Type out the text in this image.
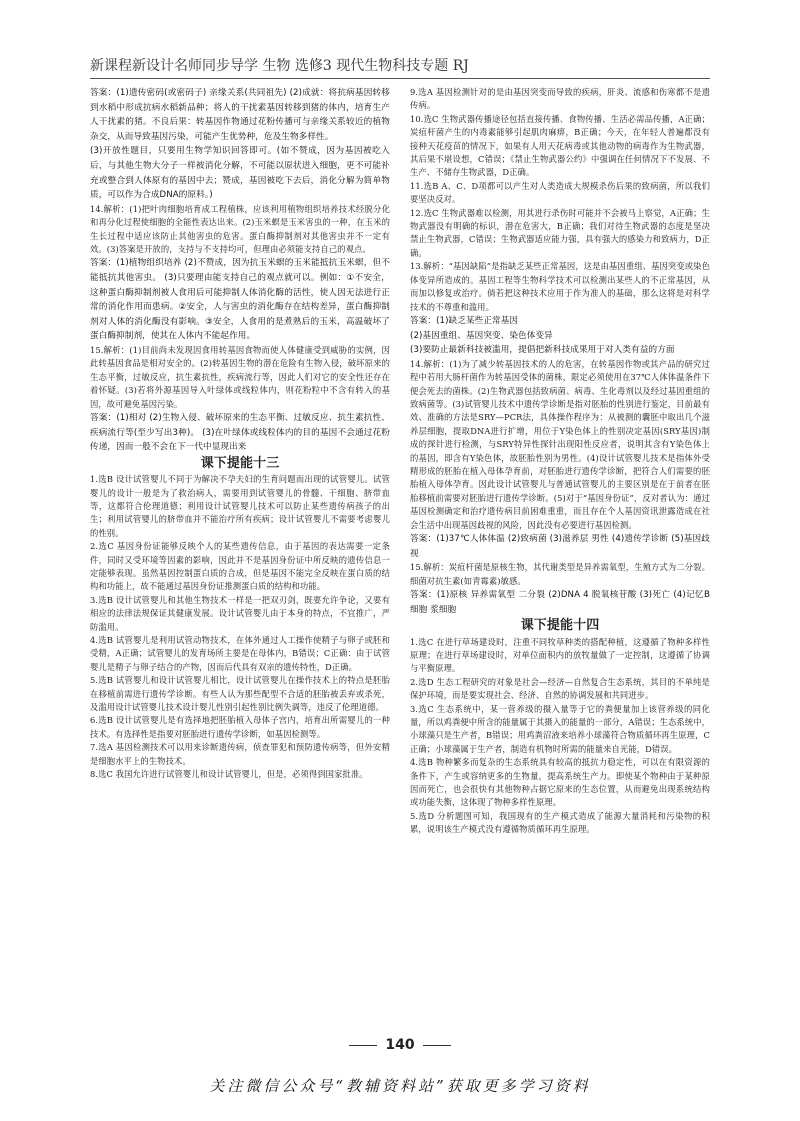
新课程新设计名师同步导学 生物 选修3 现代生物科技专题 RJ

答案：(1)遗传密码(或密码子) 亲缘关系(共同祖先) (2)成就：将抗病基因转移到水稻中形成抗病水稻新品种；将人的干扰素基因转移到猪的体内，培育生产人干扰素的猪。不良后果：转基因作物通过花粉传播可与亲缘关系较近的植物杂交，从而导致基因污染，可能产生优势种，危及生物多样性。

(3)开放性题目，只要用生物学知识回答即可。(如不赞成，因为基因被吃入后，与其他生物大分子一样被消化分解，不可能以原状进入细胞，更不可能补充或整合到人体原有的基因中去；赞成，基因被吃下去后，消化分解为简单物质，可以作为合成DNA的原料。)

14.解析：(1)把叶肉细胞培育成工程植株，应该利用植物组织培养技术经脱分化和再分化过程使细胞的全能性表达出来。(2)玉米螟是玉米害虫的一种，在玉米的生长过程中适应该防止其他害虫的危害。蛋白酶抑制剂对其他害虫并不一定有效。(3)答案是开放的，支持与不支持均可，但理由必须能支持自己的观点。

答案：(1)植物组织培养 (2)不赞成，因为抗玉米螟的玉米能抵抗玉米螟，但不能抵抗其他害虫。 (3)只要理由能支持自己的观点就可以。例如：①不安全，这种蛋白酶抑制剂被人食用后可能抑制人体消化酶的活性，使人因无法进行正常的消化作用而患病。②安全，人与害虫的消化酶存在结构差异，蛋白酶抑制剂对人体的消化酶没有影响。③安全，人食用的是煮熟后的玉米，高温破坏了蛋白酶抑制剂，使其在人体内不能起作用。

15.解析：(1)目前尚未发现因食用转基因食物而使人体健康受到威胁的实例，因此转基因食品是相对安全的。(2)转基因生物的潜在危险有生物入侵，破坏原来的生态平衡，过敏反应，抗生素抗性，疾病流行等，因此人们对它的安全性还存在着怀疑。(3)若将外源基因导入叶绿体或线粒体内，则花粉粒中不含有转入的基因，故可避免基因污染。

答案：(1)相对 (2)生物入侵、破坏原来的生态平衡、过敏反应、抗生素抗性、疾病流行等(至少写出3种)。 (3)在叶绿体或线粒体内的目的基因不会通过花粉传递，因而一般不会在下一代中显现出来

课下提能十三

1.选B 设计试管婴儿不同于为解决不孕夫妇的生育问题而出现的试管婴儿。试管婴儿的设计一般是为了救治病人，需要用到试管婴儿的骨髓、干细胞、脐带血等，这都符合伦理道德；利用设计试管婴儿技术可以防止某些遗传病孩子的出生；利用试管婴儿的脐带血并不能治疗所有疾病；设计试管婴儿不需要考虑婴儿的性别。

2.选C 基因身份证能够反映个人的某些遗传信息，由于基因的表达需要一定条件，同时又受环境等因素的影响，因此并不是基因身份证中所反映的遗传信息一定能够表现。虽然基因控制蛋白质的合成，但是基因不能完全反映在蛋白质的结构和功能上，故不能通过基因身份证推测蛋白质的结构和功能。

3.选B 设计试管婴儿和其他生物技术一样是一把双刃剑，既要允许争论，又要有相应的法律法规保证其健康发展。设计试管婴儿由于本身的特点，不宜推广，严防滥用。

4.选B 试管婴儿是利用试管动物技术，在体外通过人工操作使精子与卵子或胚和受精，A正确；试管婴儿的发育场所主要是在母体内，B错误；C正确：由于试管婴儿是精子与卵子结合的产物，因而后代具有双亲的遗传特性，D正确。

5.选B 试管婴儿和设计试管婴儿相比，设计试管婴儿在操作技术上的特点是胚胎在移植前需进行遗传学诊断。有些人认为那些配型不合适的胚胎被丢弃或杀死，及滥用设计试管婴儿技术设计婴儿性别引起性别比例失调等，违反了伦理道德。

6.选B 设计试管婴儿是有选择地把胚胎植入母体子宫内，培育出所需婴儿的一种技术。有选择性是指要对胚胎进行遗传学诊断，如基因检测等。

7.选A 基因检测技术可以用来诊断遗传病，侦查罪犯和预防遗传病等，但外安精是细胞水平上的生物技术。

8.选C 我国允许进行试管婴儿和设计试管婴儿，但是，必须得到国家批准。

9.选A 基因检测针对的是由基因突变而导致的疾病，肝炎、流感和伤寒都不是遗传病。

10.选C 生物武器传播途径包括直接传播、食物传播、生活必需品传播，A正确；炭疽杆菌产生的内毒素能够引起肌肉麻痹，B正确；今天，在年轻人普遍都没有接种天花疫苗的情况下，如果有人用天花病毒或其他动物的病毒作为生物武器，其后果不堪设想，C错误；《禁止生物武器公约》中强调在任何情况下不发展、不生产、不储存生物武器，D正确。

11.选B A、C、D项都可以产生对人类造成大规模杀伤后果的致病菌，所以我们要坚决反对。

12.选C 生物武器难以检测，用其进行杀伤时可能并不会被马上察觉，A正确；生物武器没有明确的标识，潜在危害大，B正确；我们对待生物武器的态度是坚决禁止生物武器，C错误；生物武器适应能力强，具有强大的感染力和致病力，D正确。

13.解析：“基因缺陷”是指缺乏某些正常基因，这是由基因重组、基因突变或染色体变异所造成的。基因工程等生物科学技术可以检测出某些人的不正常基因，从而加以修复或治疗。倘若把这种技术应用于作为准人的基础，那么这将是对科学技术的不尊重和滥用。

答案：(1)缺乏某些正常基因
(2)基因重组、基因突变、染色体变异
(3)要防止最新科技被滥用，提倡把新科技成果用于对人类有益的方面

14.解析：(1)为了减少转基因技术的人的危害，在转基因作物或其产品的研究过程中若用大肠杆菌作为转基因受体的菌株，限定必须使用在37℃人体体温条件下便会死去的菌株。(2)生物武器包括致病菌、病毒、生化毒剂以及经过基因重组的致病菌等。(3)试管婴儿技术中遗传学诊断是指对胚胎的性别进行鉴定，目前最有效、准确的方法是SRY—PCR法，具体操作程序为：从被测的囊胚中取出几个滋养层细胞，提取DNA进行扩增，用位于Y染色体上的性别决定基因(SRY基因)制成的探针进行检测，与SRY特异性探针出现阳性反应者，说明其含有Y染色体上的基因，即含有Y染色体，故胚胎性别为男性。(4)设计试管婴儿技术是指体外受精形成的胚胎在植入母体孕育前，对胚胎进行遗传学诊断，把符合人们需要的胚胎植入母体孕育。因此设计试管婴儿与普通试管婴儿的主要区别是在于前者在胚胎移植前需要对胚胎进行遗传学诊断。(5)对于“基因身份证”，反对者认为：通过基因检测确定和治疗遗传病目前困难重重，而且存在个人基因资讯泄露造成在社会生活中出现基因歧视的风险，因此没有必要进行基因检测。

答案：(1)37℃人体体温 (2)致病菌 (3)滋养层 男性 (4)遗传学诊断 (5)基因歧视

15.解析：炭疽杆菌是原核生物，其代谢类型是异养需氧型，生殖方式为二分裂。细菌对抗生素(如青霉素)敏感。

答案：(1)原核 异养需氧型 二分裂 (2)DNA 4 脱氧核苷酸 (3)死亡 (4)记忆B细胞 浆细胞

课下提能十四

1.选C 在进行草场建设时，注重不同牧草种类的搭配种植，这遵循了物种多样性原理；在进行草场建设时，对单位面积内的放牧量做了一定控制，这遵循了协调与平衡原理。

2.选D 生态工程研究的对象是社会—经济—自然复合生态系统，其目的不单纯是保护环境，而是要实现社会、经济、自然的协调发展和共同进步。

3.选C 生态系统中，某一营养级的摄入量等于它的粪便量加上该营养级的同化量，所以鸡粪便中所含的能量属于其摄入的能量的一部分，A错误；生态系统中，小球藻只是生产者，B错误；用鸡粪沼液来培养小球藻符合物质循环再生原理，C正确；小球藻属于生产者，制造有机物时所需的能量来自光能，D错误。

4.选B 物种繁多而复杂的生态系统具有较高的抵抗力稳定性，可以在有限资源的条件下，产生或容纳更多的生物量，提高系统生产力。即使某个物种由于某种原因而死亡，也会很快有其他物种占据它原来的生态位置，从而避免出现系统结构或功能失衡，这体现了物种多样性原理。

5.选D 分析题图可知，我国现有的生产模式造成了能源大量消耗和污染物的积累，说明该生产模式没有遵循物质循环再生原理。

140
关注微信公众号“教辅资料站”获取更多学习资料
